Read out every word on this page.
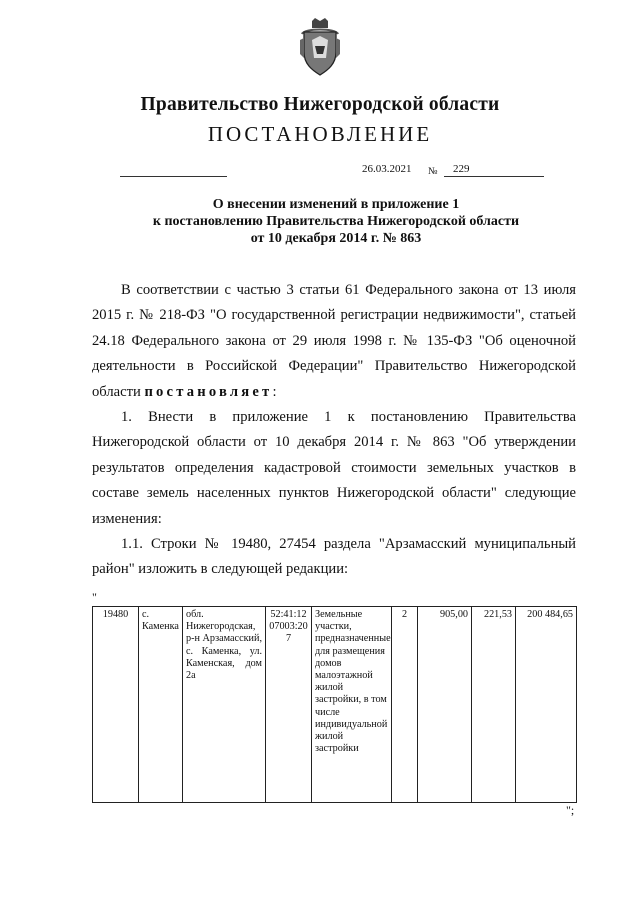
Правительство Нижегородской области
ПОСТАНОВЛЕНИЕ
26.03.2021 № 229
О внесении изменений в приложение 1
к постановлению Правительства Нижегородской области
от 10 декабря 2014 г. № 863

В соответствии с частью 3 статьи 61 Федерального закона от 13 июля 2015 г. № 218-ФЗ "О государственной регистрации недвижимости", статьей 24.18 Федерального закона от 29 июля 1998 г. № 135-ФЗ "Об оценочной деятельности в Российской Федерации" Правительство Нижегородской области постановляет:

1. Внести в приложение 1 к постановлению Правительства Нижегородской области от 10 декабря 2014 г. № 863 "Об утверждении результатов определения кадастровой стоимости земельных участков в составе земель населенных пунктов Нижегородской области" следующие изменения:

1.1. Строки № 19480, 27454 раздела "Арзамасский муниципальный район" изложить в следующей редакции:

"
19480	с. Каменка	обл. Нижегородская, р-н Арзамасский, с. Каменка, ул. Каменская, дом 2а	52:41:1207003:207	Земельные участки, предназначенные для размещения домов малоэтажной жилой застройки, в том числе индивидуальной жилой застройки	2	905,00	221,53	200 484,65
";
